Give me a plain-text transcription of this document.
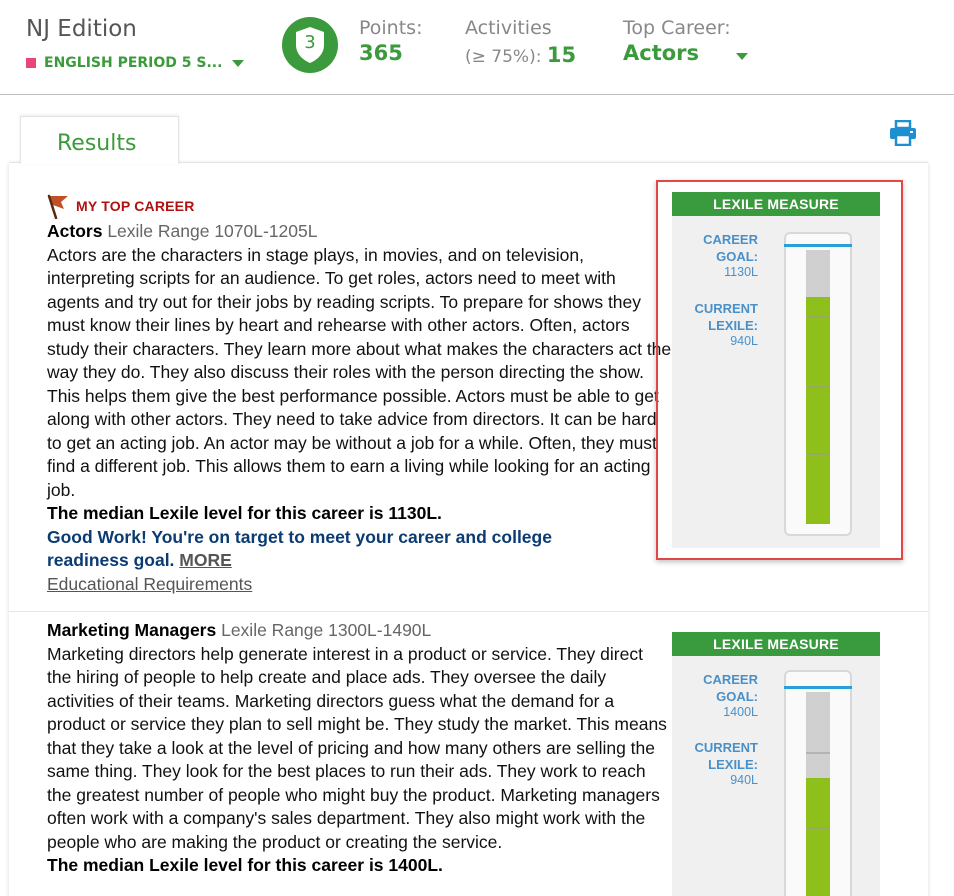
NJ Edition
ENGLISH PERIOD 5 S...
3
Points:
365
Activities
(≥ 75%): 15
Top Career:
Actors
Results
MY TOP CAREER
Actors Lexile Range 1070L-1205L
Actors are the characters in stage plays, in movies, and on television, interpreting scripts for an audience. To get roles, actors need to meet with agents and try out for their jobs by reading scripts. To prepare for shows they must know their lines by heart and rehearse with other actors. Often, actors study their characters. They learn more about what makes the characters act the way they do. They also discuss their roles with the person directing the show. This helps them give the best performance possible. Actors must be able to get along with other actors. They need to take advice from directors. It can be hard to get an acting job. An actor may be without a job for a while. Often, they must find a different job. This allows them to earn a living while looking for an acting job.
The median Lexile level for this career is 1130L.
Good Work! You're on target to meet your career and college readiness goal. MORE
Educational Requirements
LEXILE MEASURE
CAREER
GOAL:
1130L
CURRENT
LEXILE:
940L
Marketing Managers Lexile Range 1300L-1490L
Marketing directors help generate interest in a product or service. They direct the hiring of people to help create and place ads. They oversee the daily activities of their teams. Marketing directors guess what the demand for a product or service they plan to sell might be. They study the market. This means that they take a look at the level of pricing and how many others are selling the same thing. They look for the best places to run their ads. They work to reach the greatest number of people who might buy the product. Marketing managers often work with a company's sales department. They also might work with the people who are making the product or creating the service.
The median Lexile level for this career is 1400L.
LEXILE MEASURE
CAREER
GOAL:
1400L
CURRENT
LEXILE:
940L
